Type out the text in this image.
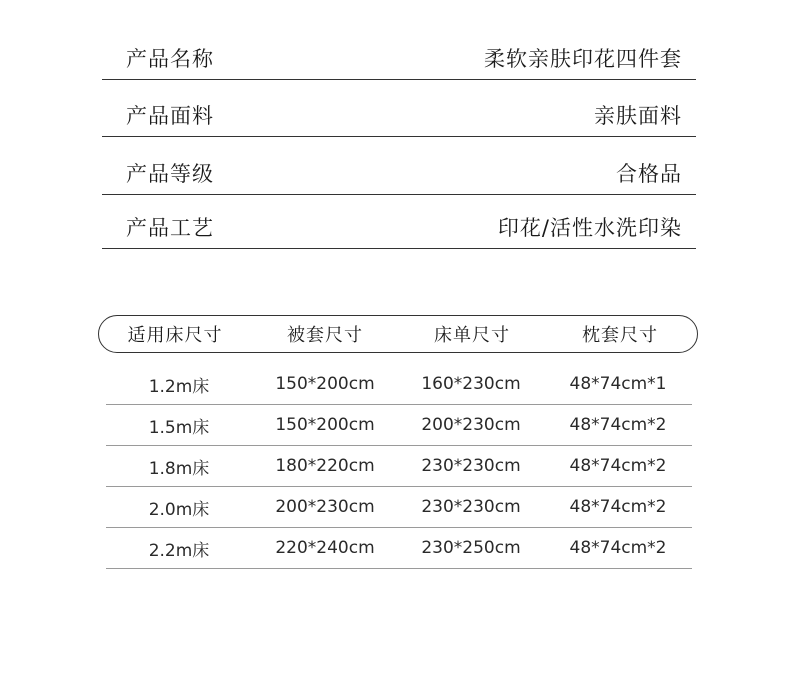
产品名称	柔软亲肤印花四件套
产品面料	亲肤面料
产品等级	合格品
产品工艺	印花/活性水洗印染
适用床尺寸	被套尺寸	床单尺寸	枕套尺寸
1.2m床	150*200cm	160*230cm	48*74cm*1
1.5m床	150*200cm	200*230cm	48*74cm*2
1.8m床	180*220cm	230*230cm	48*74cm*2
2.0m床	200*230cm	230*230cm	48*74cm*2
2.2m床	220*240cm	230*250cm	48*74cm*2
